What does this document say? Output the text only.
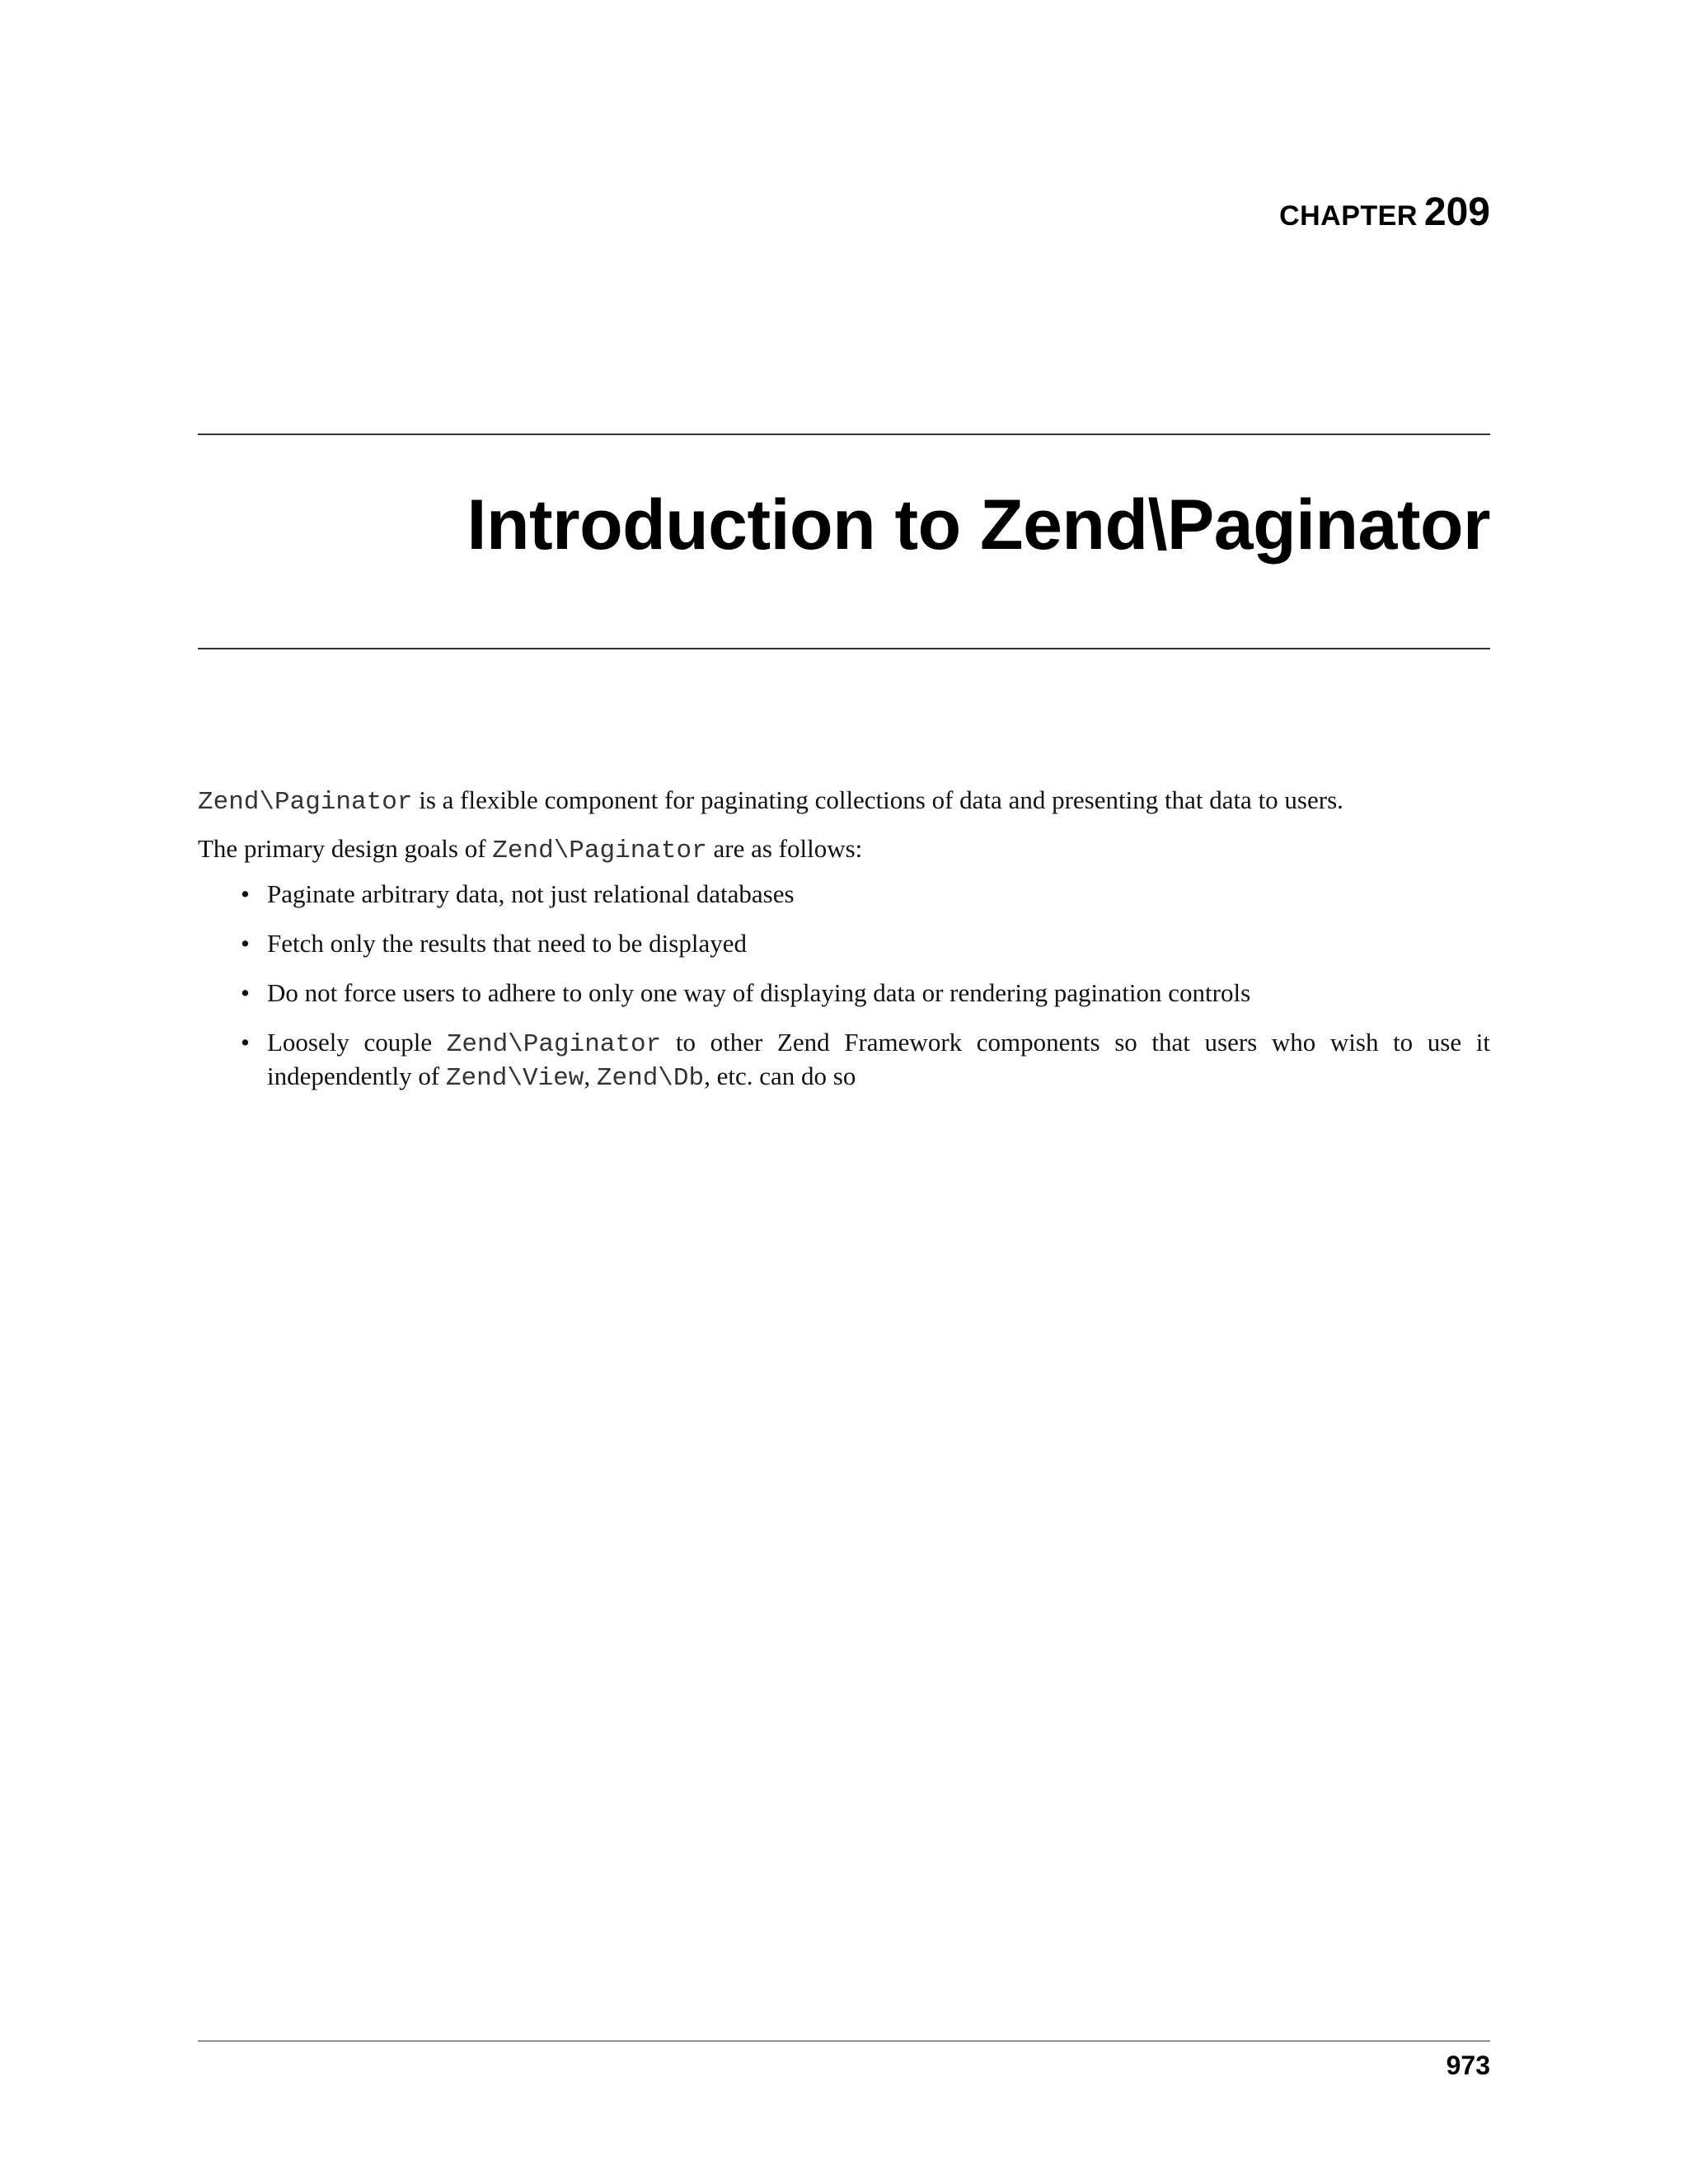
CHAPTER 209
Introduction to Zend\Paginator

Zend\Paginator is a flexible component for paginating collections of data and presenting that data to users.

The primary design goals of Zend\Paginator are as follows:

• Paginate arbitrary data, not just relational databases
• Fetch only the results that need to be displayed
• Do not force users to adhere to only one way of displaying data or rendering pagination controls
• Loosely couple Zend\Paginator to other Zend Framework components so that users who wish to use it independently of Zend\View, Zend\Db, etc. can do so
973
